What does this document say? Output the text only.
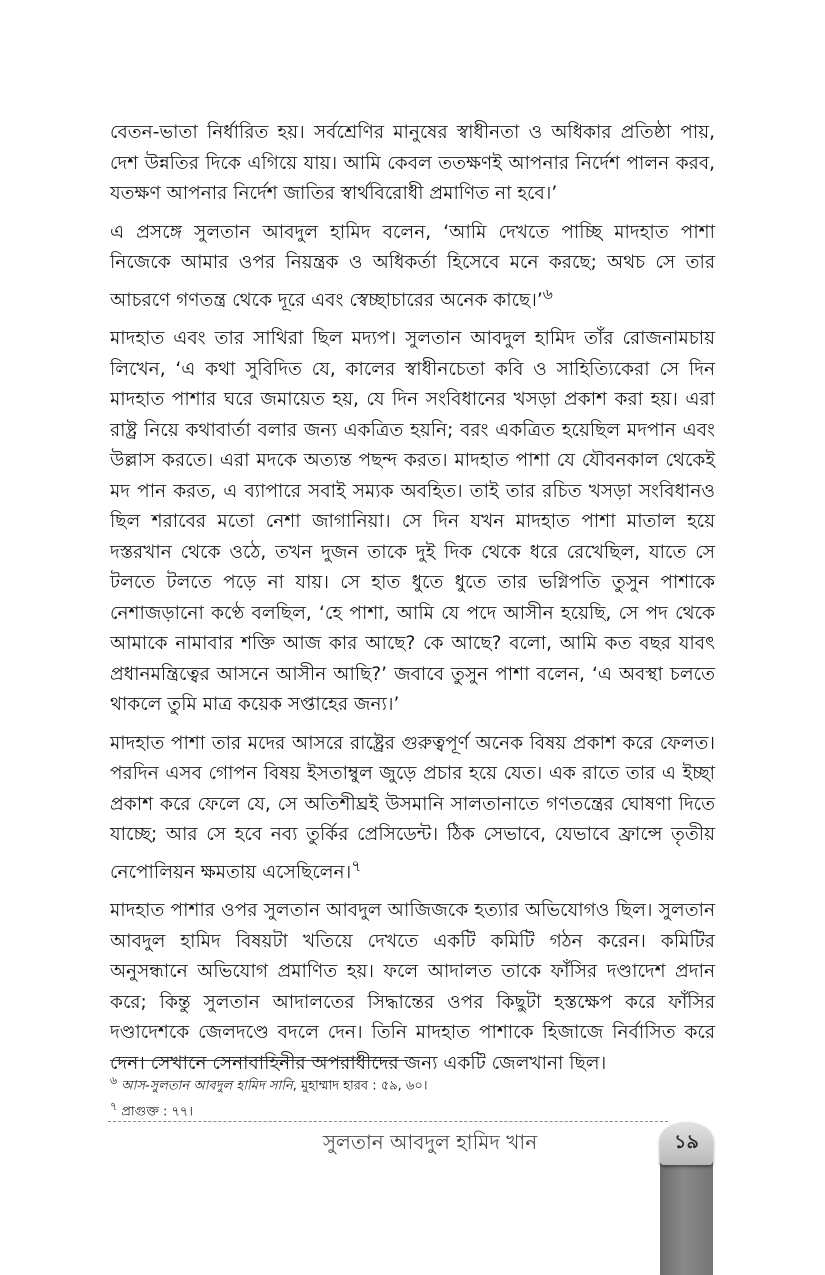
বেতন-ভাতা নির্ধারিত হয়। সর্বশ্রেণির মানুষের স্বাধীনতা ও অধিকার প্রতিষ্ঠা পায়, দেশ উন্নতির দিকে এগিয়ে যায়। আমি কেবল ততক্ষণই আপনার নির্দেশ পালন করব, যতক্ষণ আপনার নির্দেশ জাতির স্বার্থবিরোধী প্রমাণিত না হবে।’

এ প্রসঙ্গে সুলতান আবদুল হামিদ বলেন, ‘আমি দেখতে পাচ্ছি মাদহাত পাশা নিজেকে আমার ওপর নিয়ন্ত্রক ও অধিকর্তা হিসেবে মনে করছে; অথচ সে তার আচরণে গণতন্ত্র থেকে দূরে এবং স্বেচ্ছাচারের অনেক কাছে।’$^৬$

মাদহাত এবং তার সাথিরা ছিল মদ্যপ। সুলতান আবদুল হামিদ তাঁর রোজনামচায় লিখেন, ‘এ কথা সুবিদিত যে, কালের স্বাধীনচেতা কবি ও সাহিত্যিকেরা সে দিন মাদহাত পাশার ঘরে জমায়েত হয়, যে দিন সংবিধানের খসড়া প্রকাশ করা হয়। এরা রাষ্ট্র নিয়ে কথাবার্তা বলার জন্য একত্রিত হয়নি; বরং একত্রিত হয়েছিল মদপান এবং উল্লাস করতে। এরা মদকে অত্যন্ত পছন্দ করত। মাদহাত পাশা যে যৌবনকাল থেকেই মদ পান করত, এ ব্যাপারে সবাই সম্যক অবহিত। তাই তার রচিত খসড়া সংবিধানও ছিল শরাবের মতো নেশা জাগানিয়া। সে দিন যখন মাদহাত পাশা মাতাল হয়ে দস্তরখান থেকে ওঠে, তখন দুজন তাকে দুই দিক থেকে ধরে রেখেছিল, যাতে সে টলতে টলতে পড়ে না যায়। সে হাত ধুতে ধুতে তার ভগ্নিপতি তুসুন পাশাকে নেশাজড়ানো কণ্ঠে বলছিল, ‘হে পাশা, আমি যে পদে আসীন হয়েছি, সে পদ থেকে আমাকে নামাবার শক্তি আজ কার আছে? কে আছে? বলো, আমি কত বছর যাবৎ প্রধানমন্ত্রিত্বের আসনে আসীন আছি?’ জবাবে তুসুন পাশা বলেন, ‘এ অবস্থা চলতে থাকলে তুমি মাত্র কয়েক সপ্তাহের জন্য।’

মাদহাত পাশা তার মদের আসরে রাষ্ট্রের গুরুত্বপূর্ণ অনেক বিষয় প্রকাশ করে ফেলত। পরদিন এসব গোপন বিষয় ইসতাম্বুল জুড়ে প্রচার হয়ে যেত। এক রাতে তার এ ইচ্ছা প্রকাশ করে ফেলে যে, সে অতিশীঘ্রই উসমানি সালতানাতে গণতন্ত্রের ঘোষণা দিতে যাচ্ছে; আর সে হবে নব্য তুর্কির প্রেসিডেন্ট। ঠিক সেভাবে, যেভাবে ফ্রান্সে তৃতীয় নেপোলিয়ন ক্ষমতায় এসেছিলেন।$^৭$

মাদহাত পাশার ওপর সুলতান আবদুল আজিজকে হত্যার অভিযোগও ছিল। সুলতান আবদুল হামিদ বিষয়টা খতিয়ে দেখতে একটি কমিটি গঠন করেন। কমিটির অনুসন্ধানে অভিযোগ প্রমাণিত হয়। ফলে আদালত তাকে ফাঁসির দণ্ডাদেশ প্রদান করে; কিন্তু সুলতান আদালতের সিদ্ধান্তের ওপর কিছুটা হস্তক্ষেপ করে ফাঁসির দণ্ডাদেশকে জেলদণ্ডে বদলে দেন। তিনি মাদহাত পাশাকে হিজাজে নির্বাসিত করে দেন। সেখানে সেনাবাহিনীর অপরাধীদের জন্য একটি জেলখানা ছিল।

$^৬$ আস-সুলতান আবদুল হামিদ সানি, মুহাম্মাদ হারব : ৫৯, ৬০।
$^৭$ প্রাগুক্ত : ৭৭।
সুলতান আবদুল হামিদ খান	১৯
